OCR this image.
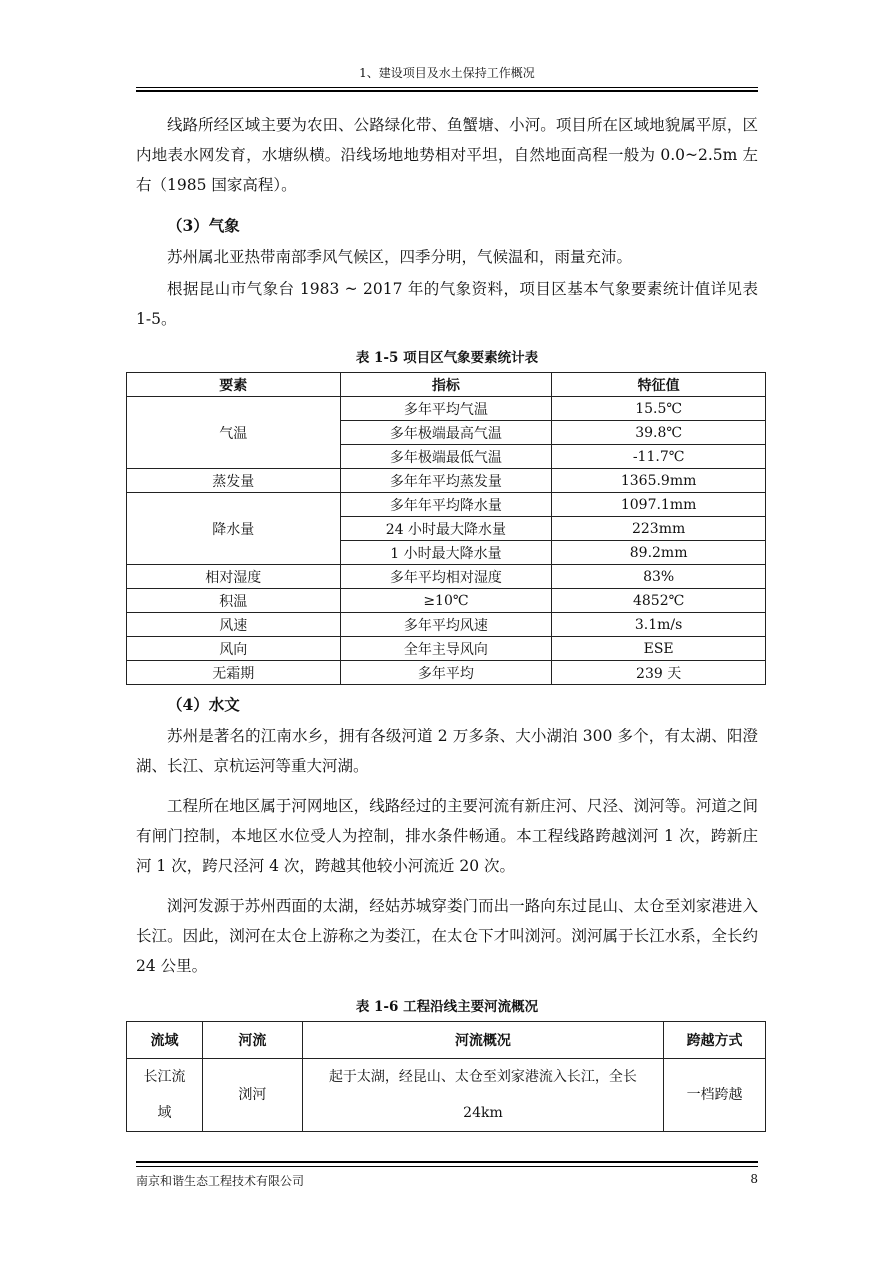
1、建设项目及水土保持工作概况

线路所经区域主要为农田、公路绿化带、鱼蟹塘、小河。项目所在区域地貌属平原，区内地表水网发育，水塘纵横。沿线场地地势相对平坦，自然地面高程一般为 0.0~2.5m 左右（1985 国家高程）。

（3）气象

苏州属北亚热带南部季风气候区，四季分明，气候温和，雨量充沛。

根据昆山市气象台 1983 ~ 2017 年的气象资料，项目区基本气象要素统计值详见表 1-5。

表 1-5 项目区气象要素统计表
要素	指标	特征值
气温	多年平均气温	15.5℃
	多年极端最高气温	39.8℃
	多年极端最低气温	-11.7℃
蒸发量	多年年平均蒸发量	1365.9mm
降水量	多年年平均降水量	1097.1mm
	24 小时最大降水量	223mm
	1 小时最大降水量	89.2mm
相对湿度	多年平均相对湿度	83%
积温	≥10℃	4852℃
风速	多年平均风速	3.1m/s
风向	全年主导风向	ESE
无霜期	多年平均	239 天

（4）水文

苏州是著名的江南水乡，拥有各级河道 2 万多条、大小湖泊 300 多个，有太湖、阳澄湖、长江、京杭运河等重大河湖。

工程所在地区属于河网地区，线路经过的主要河流有新庄河、尺泾、浏河等。河道之间有闸门控制，本地区水位受人为控制，排水条件畅通。本工程线路跨越浏河 1 次，跨新庄河 1 次，跨尺泾河 4 次，跨越其他较小河流近 20 次。

浏河发源于苏州西面的太湖，经姑苏城穿娄门而出一路向东过昆山、太仓至刘家港进入长江。因此，浏河在太仓上游称之为娄江，在太仓下才叫浏河。浏河属于长江水系，全长约 24 公里。

表 1-6 工程沿线主要河流概况
流域	河流	河流概况	跨越方式
长江流域	浏河	起于太湖，经昆山、太仓至刘家港流入长江，全长 24km	一档跨越
南京和谐生态工程技术有限公司	8
